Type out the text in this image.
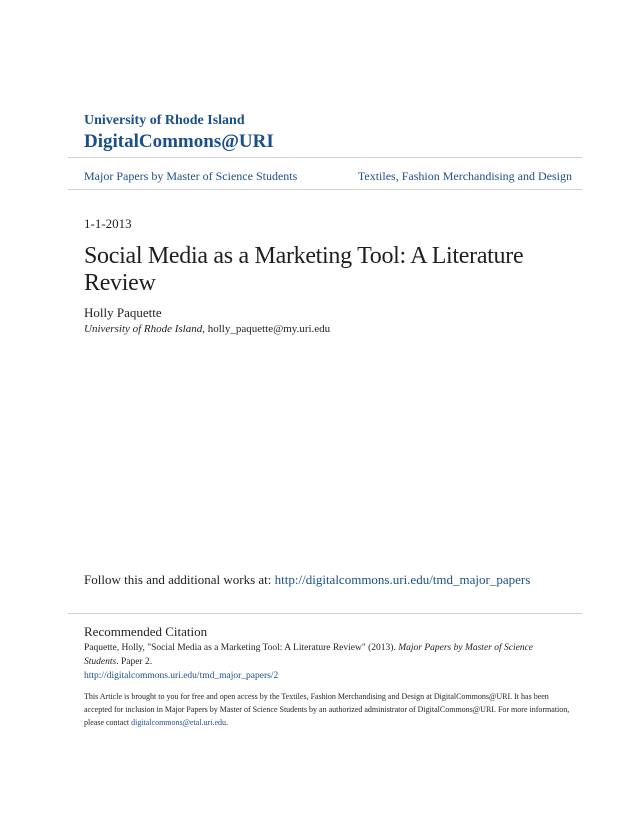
University of Rhode Island
DigitalCommons@URI
Major Papers by Master of Science Students	Textiles, Fashion Merchandising and Design
1-1-2013
Social Media as a Marketing Tool: A Literature Review
Holly Paquette
University of Rhode Island, holly_paquette@my.uri.edu
Follow this and additional works at: http://digitalcommons.uri.edu/tmd_major_papers
Recommended Citation
Paquette, Holly, "Social Media as a Marketing Tool: A Literature Review" (2013). Major Papers by Master of Science Students. Paper 2.
http://digitalcommons.uri.edu/tmd_major_papers/2
This Article is brought to you for free and open access by the Textiles, Fashion Merchandising and Design at DigitalCommons@URI. It has been accepted for inclusion in Major Papers by Master of Science Students by an authorized administrator of DigitalCommons@URI. For more information, please contact digitalcommons@etal.uri.edu.
